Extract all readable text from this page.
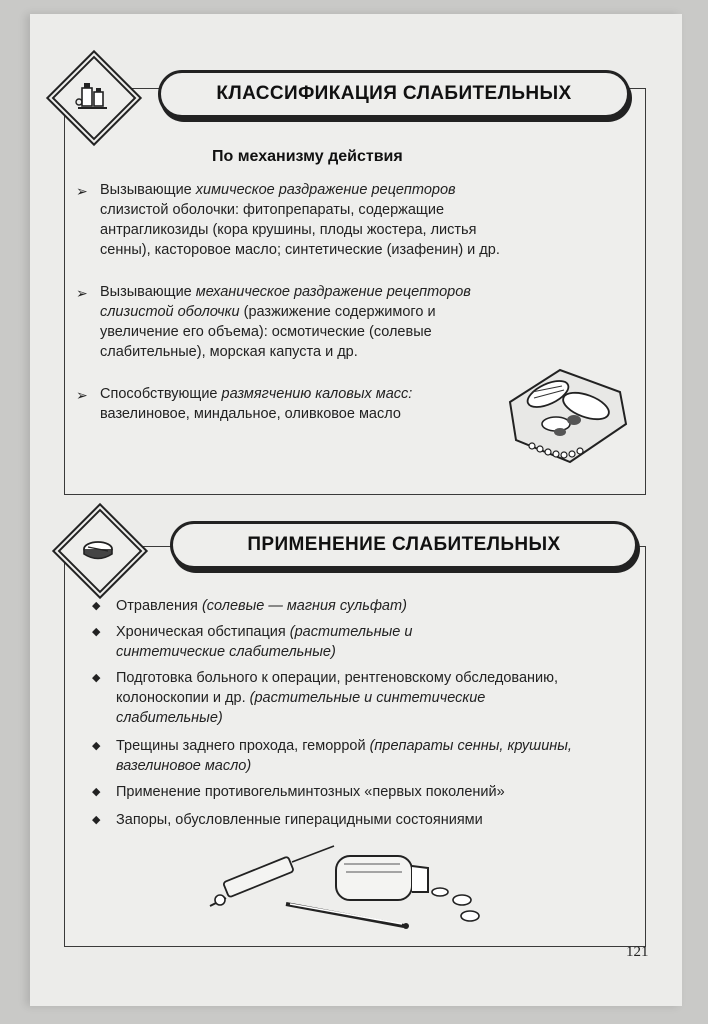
КЛАССИФИКАЦИЯ СЛАБИТЕЛЬНЫХ
По механизму действия
➢ Вызывающие химическое раздражение рецепторов
слизистой оболочки: фитопрепараты, содержащие антрагликозиды (кора крушины, плоды жостера, листья сенны), касторовое масло; синтетические (изафенин) и др.
➢ Вызывающие механическое раздражение рецепторов слизистой оболочки (разжижение содержимого и увеличение его объема): осмотические (солевые слабительные), морская капуста и др.
➢ Способствующие размягчению каловых масс:
вазелиновое, миндальное, оливковое масло
ПРИМЕНЕНИЕ СЛАБИТЕЛЬНЫХ
◆ Отравления (солевые — магния сульфат)
◆ Хроническая обстипация (растительные и синтетические слабительные)
◆ Подготовка больного к операции, рентгеновскому обследованию, колоноскопии и др. (растительные и синтетические слабительные)
◆ Трещины заднего прохода, геморрой (препараты сенны, крушины, вазелиновое масло)
◆ Применение противогельминтозных «первых поколений»
◆ Запоры, обусловленные гиперацидными состояниями
121
